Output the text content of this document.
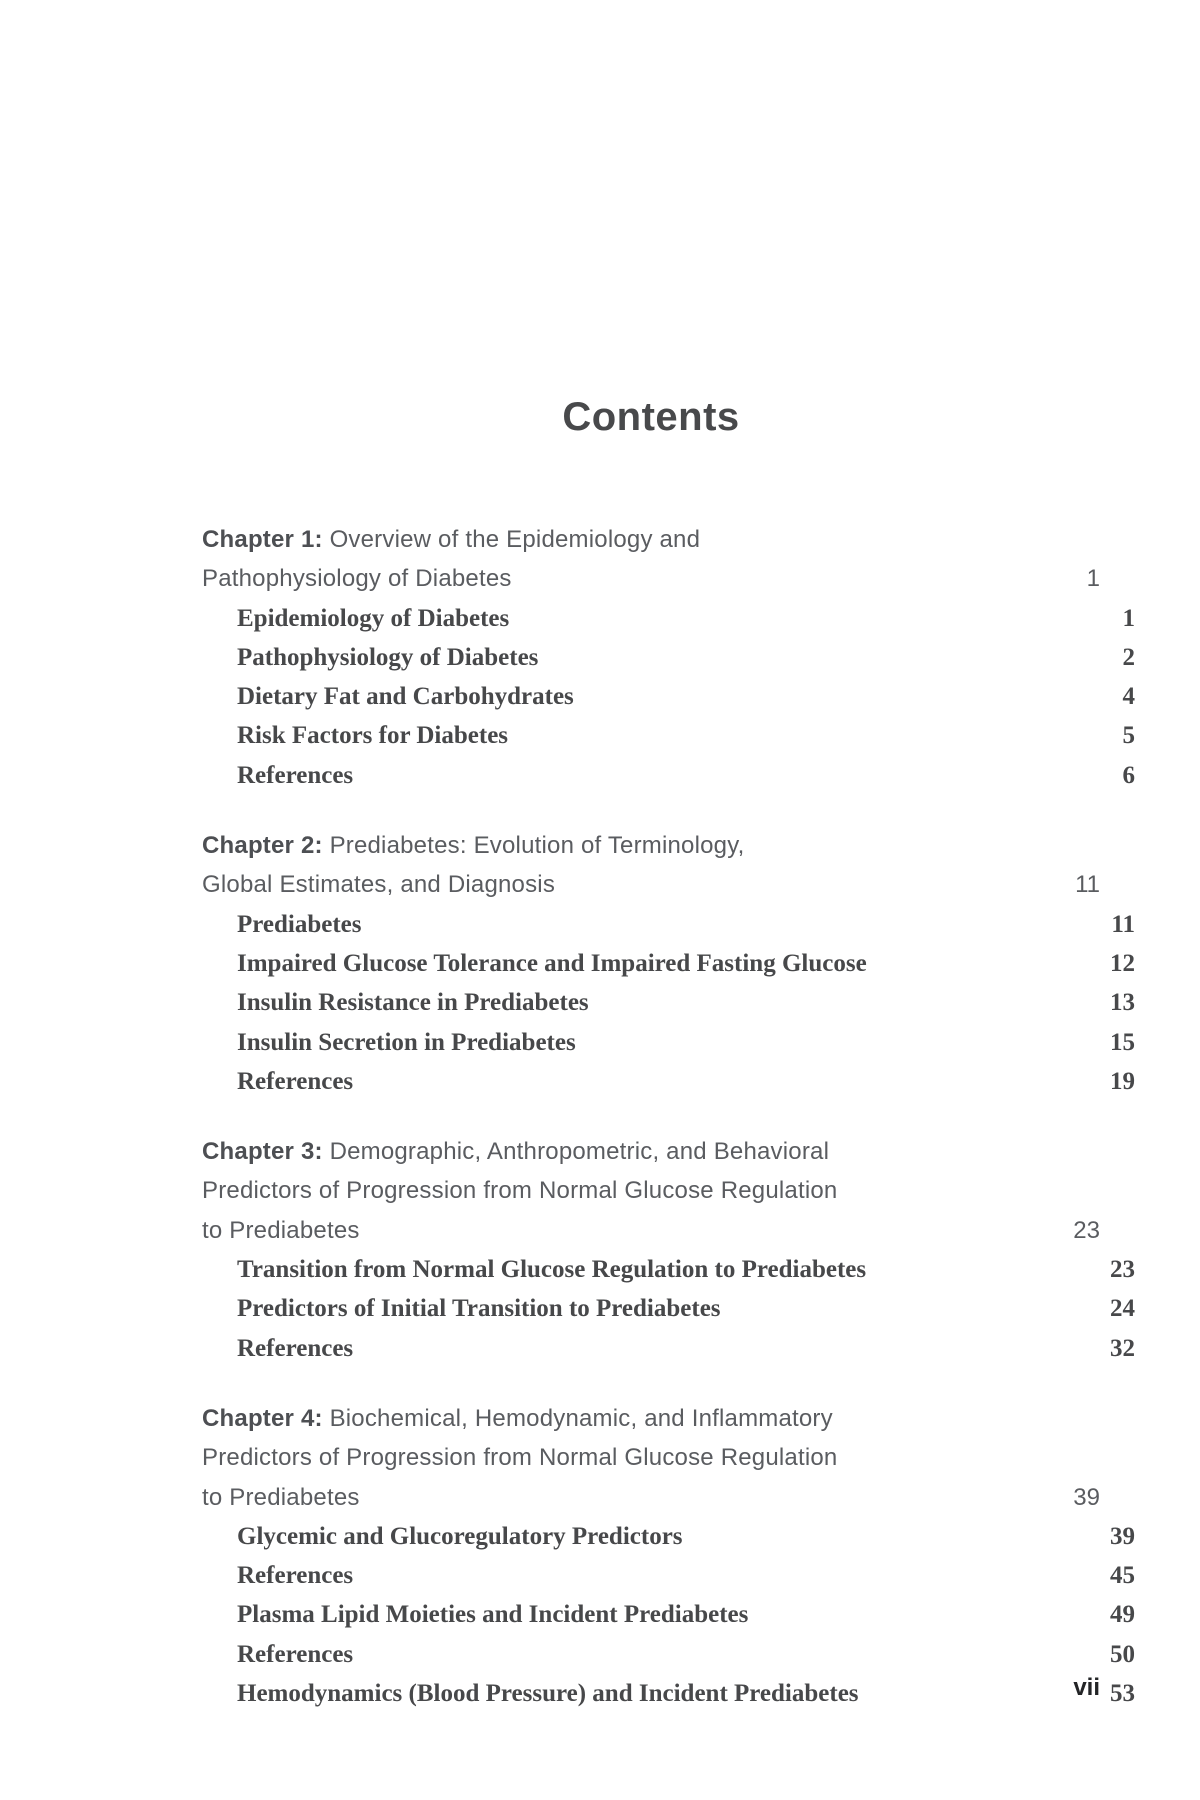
Contents
Chapter 1: Overview of the Epidemiology and
Pathophysiology of Diabetes	1
Epidemiology of Diabetes	1
Pathophysiology of Diabetes	2
Dietary Fat and Carbohydrates	4
Risk Factors for Diabetes	5
References	6
Chapter 2: Prediabetes: Evolution of Terminology,
Global Estimates, and Diagnosis	11
Prediabetes	11
Impaired Glucose Tolerance and Impaired Fasting Glucose	12
Insulin Resistance in Prediabetes	13
Insulin Secretion in Prediabetes	15
References	19
Chapter 3: Demographic, Anthropometric, and Behavioral
Predictors of Progression from Normal Glucose Regulation
to Prediabetes	23
Transition from Normal Glucose Regulation to Prediabetes	23
Predictors of Initial Transition to Prediabetes	24
References	32
Chapter 4: Biochemical, Hemodynamic, and Inflammatory
Predictors of Progression from Normal Glucose Regulation
to Prediabetes	39
Glycemic and Glucoregulatory Predictors	39
References	45
Plasma Lipid Moieties and Incident Prediabetes	49
References	50
Hemodynamics (Blood Pressure) and Incident Prediabetes	53
vii
